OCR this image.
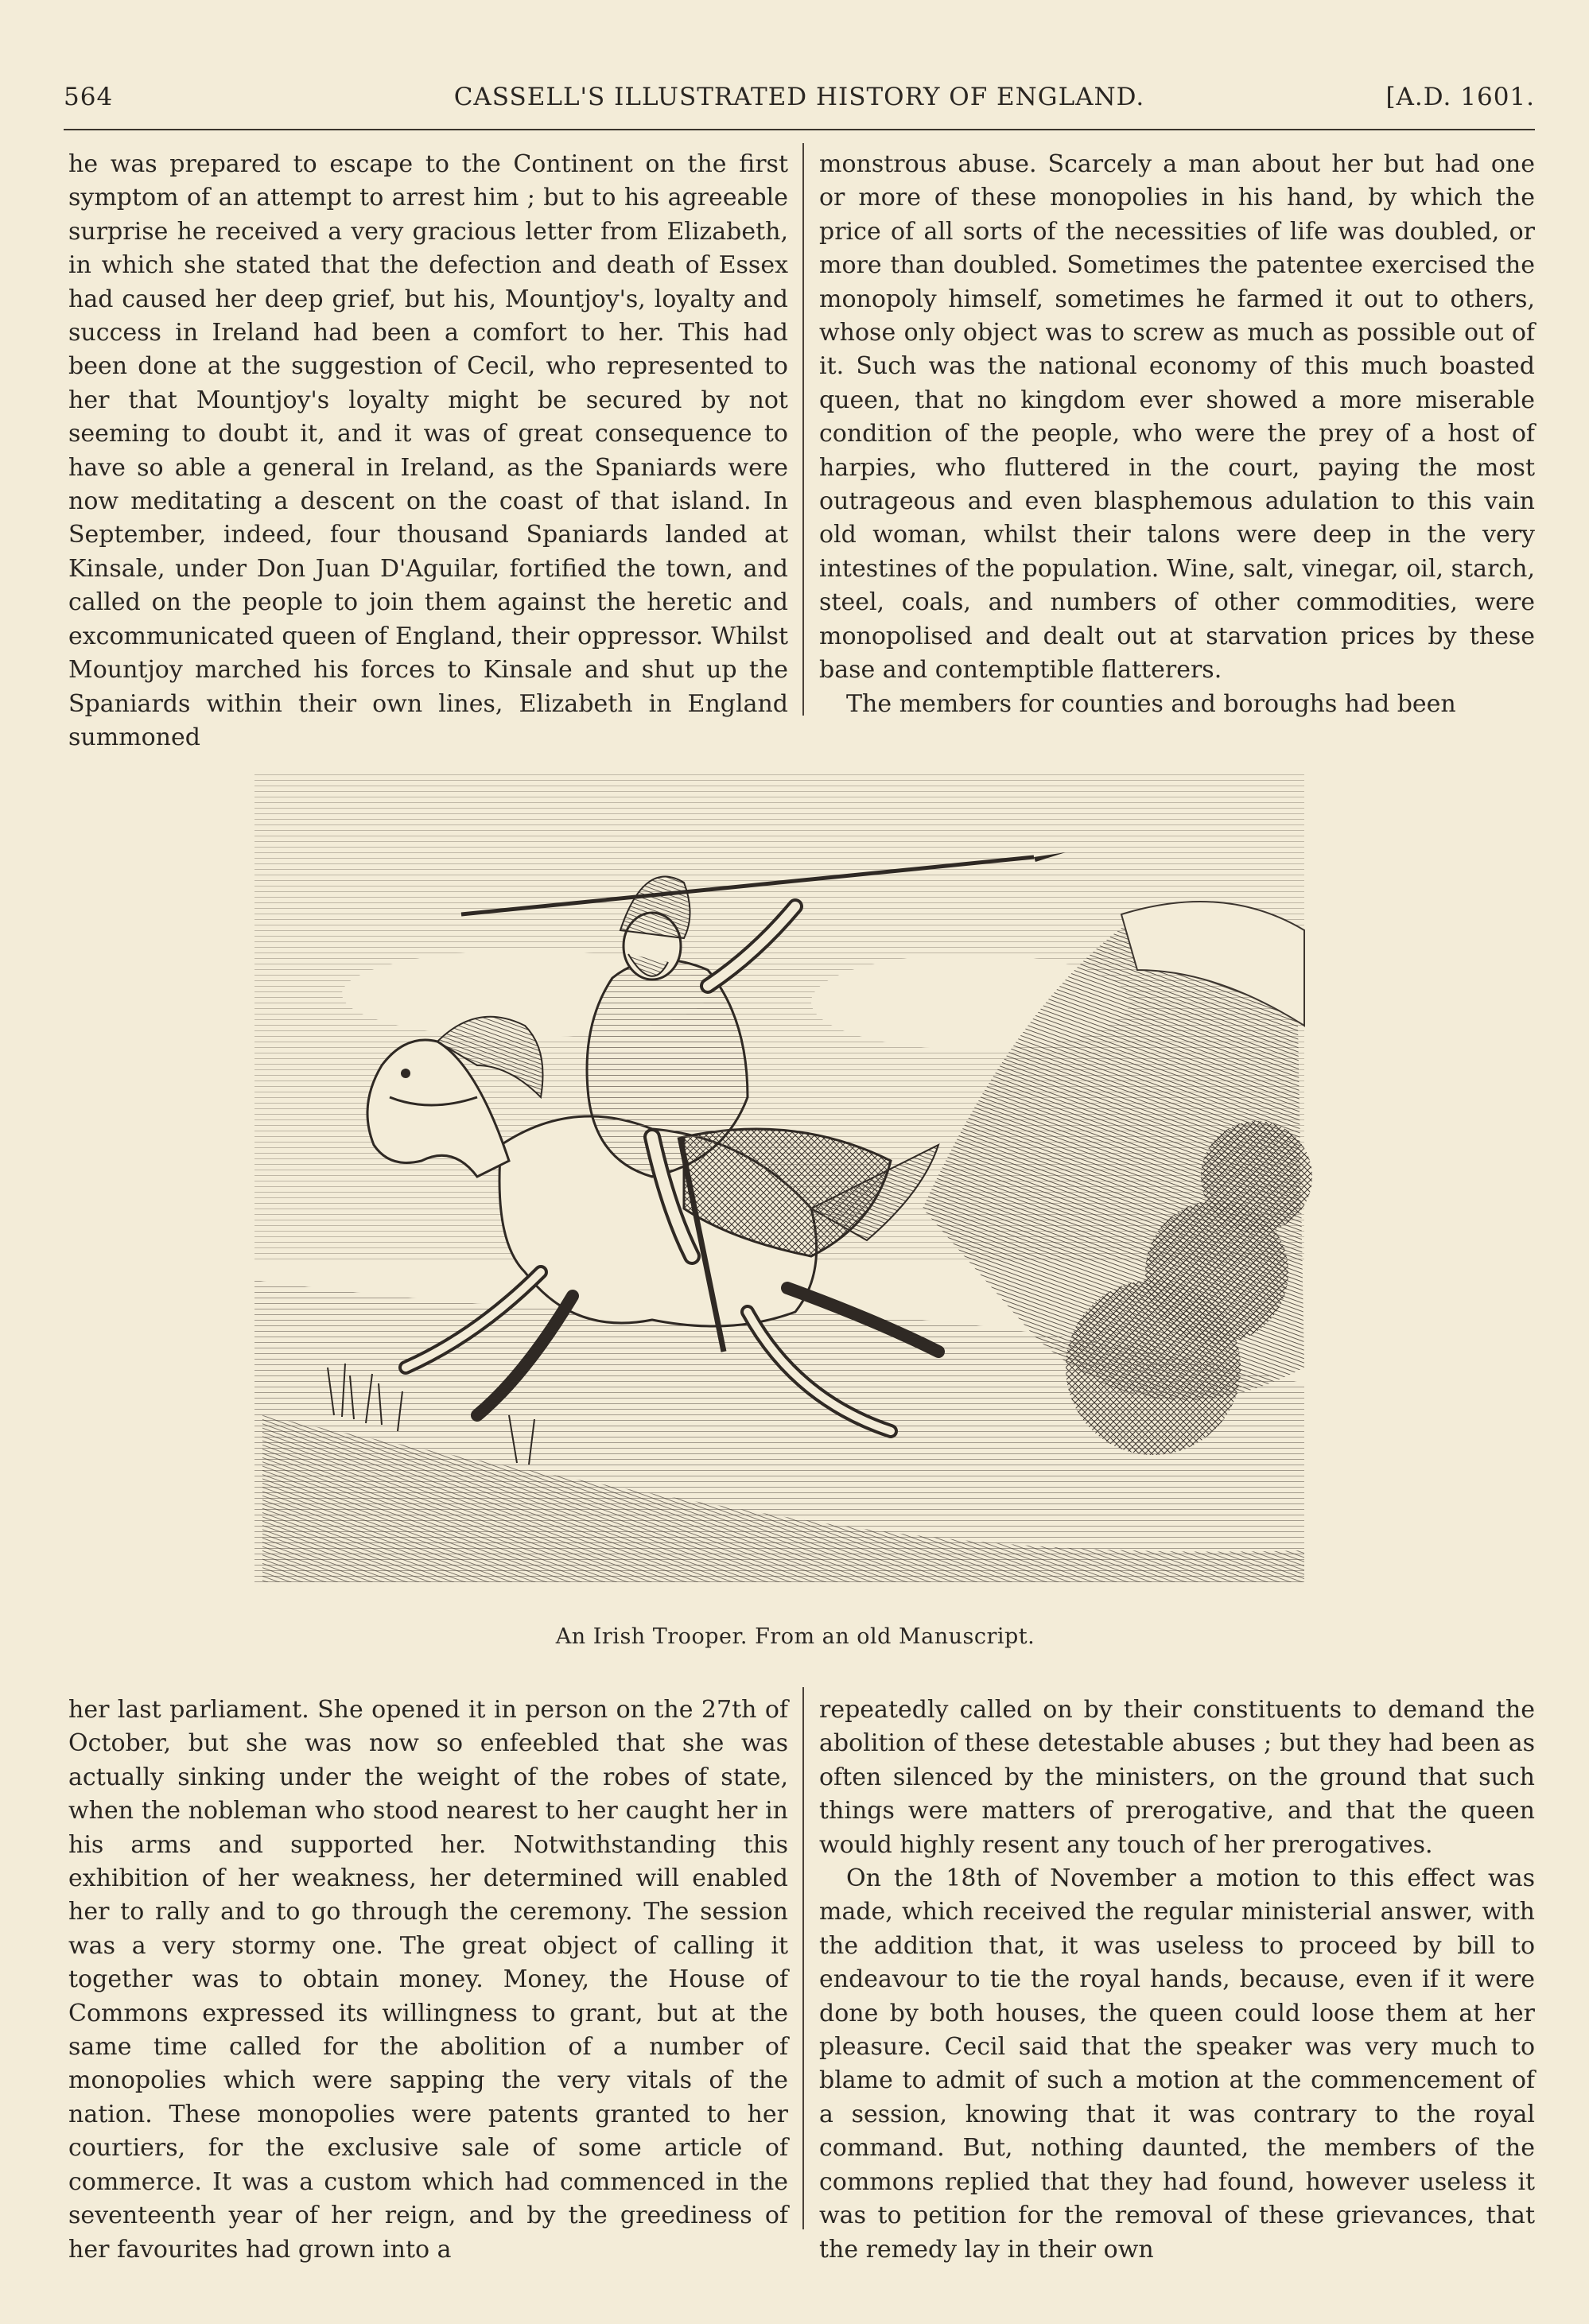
564	CASSELL'S ILLUSTRATED HISTORY OF ENGLAND.	[A.D. 1601.

he was prepared to escape to the Continent on the first symptom of an attempt to arrest him ; but to his agreeable surprise he received a very gracious letter from Elizabeth, in which she stated that the defection and death of Essex had caused her deep grief, but his, Mountjoy's, loyalty and success in Ireland had been a comfort to her. This had been done at the suggestion of Cecil, who represented to her that Mountjoy's loyalty might be secured by not seeming to doubt it, and it was of great consequence to have so able a general in Ireland, as the Spaniards were now meditating a descent on the coast of that island. In September, indeed, four thousand Spaniards landed at Kinsale, under Don Juan D'Aguilar, fortified the town, and called on the people to join them against the heretic and excommunicated queen of England, their oppressor. Whilst Mountjoy marched his forces to Kinsale and shut up the Spaniards within their own lines, Elizabeth in England summoned

monstrous abuse. Scarcely a man about her but had one or more of these monopolies in his hand, by which the price of all sorts of the necessities of life was doubled, or more than doubled. Sometimes the patentee exercised the monopoly himself, sometimes he farmed it out to others, whose only object was to screw as much as possible out of it. Such was the national economy of this much boasted queen, that no kingdom ever showed a more miserable condition of the people, who were the prey of a host of harpies, who fluttered in the court, paying the most outrageous and even blasphemous adulation to this vain old woman, whilst their talons were deep in the very intestines of the population. Wine, salt, vinegar, oil, starch, steel, coals, and numbers of other commodities, were monopolised and dealt out at starvation prices by these base and contemptible flatterers.

The members for counties and boroughs had been

An Irish Trooper. From an old Manuscript.

her last parliament. She opened it in person on the 27th of October, but she was now so enfeebled that she was actually sinking under the weight of the robes of state, when the nobleman who stood nearest to her caught her in his arms and supported her. Notwithstanding this exhibition of her weakness, her determined will enabled her to rally and to go through the ceremony. The session was a very stormy one. The great object of calling it together was to obtain money. Money, the House of Commons expressed its willingness to grant, but at the same time called for the abolition of a number of monopolies which were sapping the very vitals of the nation. These monopolies were patents granted to her courtiers, for the exclusive sale of some article of commerce. It was a custom which had commenced in the seventeenth year of her reign, and by the greediness of her favourites had grown into a

repeatedly called on by their constituents to demand the abolition of these detestable abuses ; but they had been as often silenced by the ministers, on the ground that such things were matters of prerogative, and that the queen would highly resent any touch of her prerogatives.

On the 18th of November a motion to this effect was made, which received the regular ministerial answer, with the addition that, it was useless to proceed by bill to endeavour to tie the royal hands, because, even if it were done by both houses, the queen could loose them at her pleasure. Cecil said that the speaker was very much to blame to admit of such a motion at the commencement of a session, knowing that it was contrary to the royal command. But, nothing daunted, the members of the commons replied that they had found, however useless it was to petition for the removal of these grievances, that the remedy lay in their own
